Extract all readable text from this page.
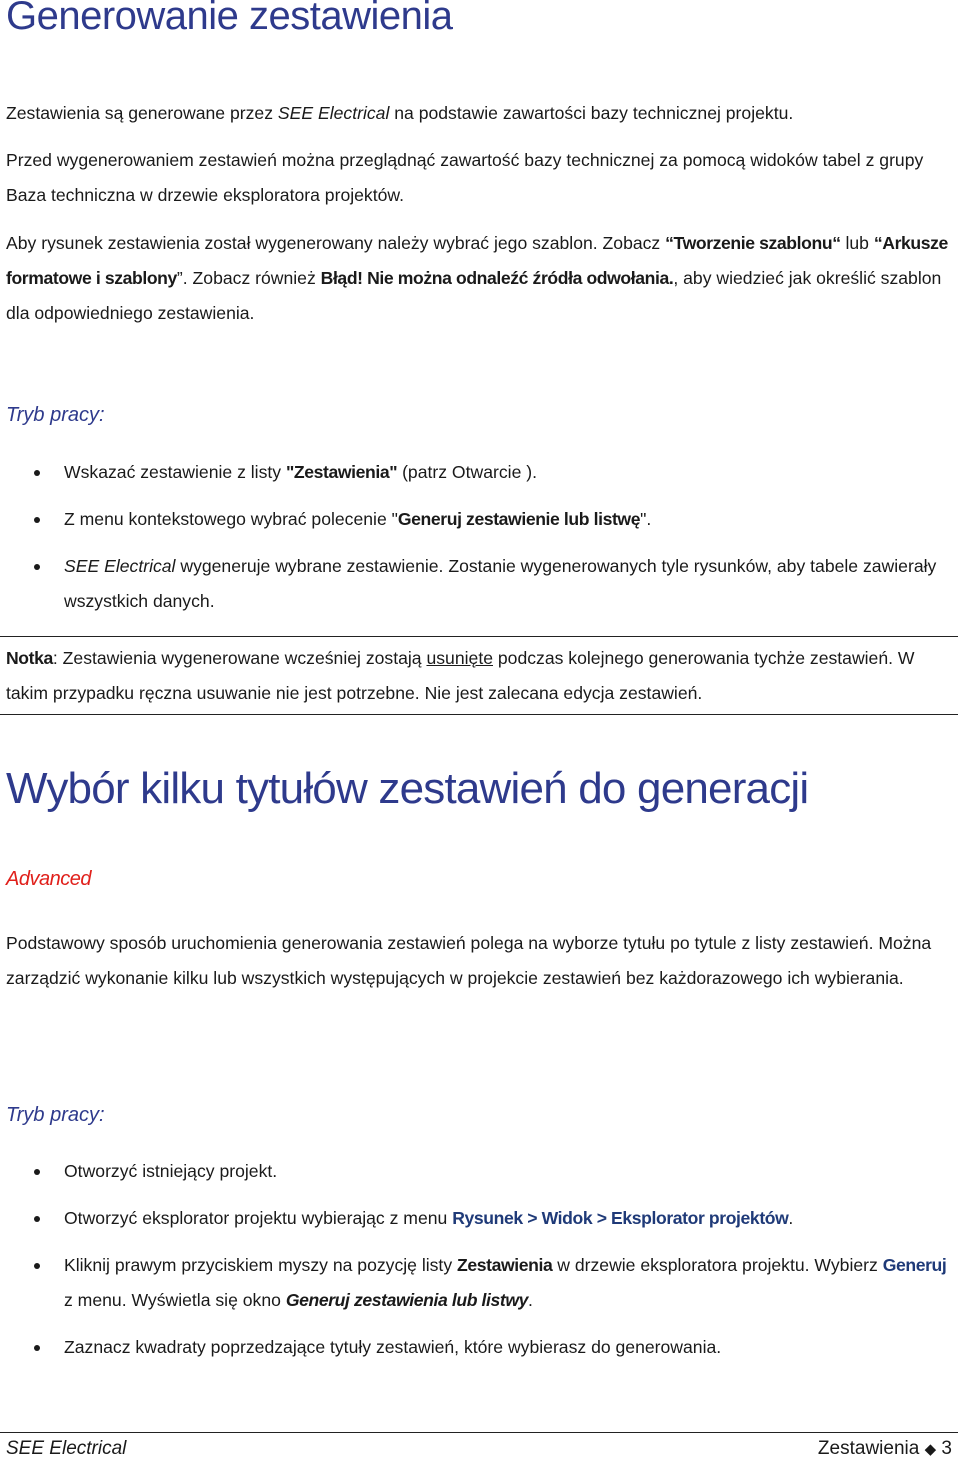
Generowanie zestawienia

Zestawienia są generowane przez SEE Electrical na podstawie zawartości bazy technicznej projektu.

Przed wygenerowaniem zestawień można przeglądnąć zawartość bazy technicznej za pomocą widoków tabel z grupy Baza techniczna w drzewie eksploratora projektów.

Aby rysunek zestawienia został wygenerowany należy wybrać jego szablon. Zobacz “Tworzenie szablonu“ lub “Arkusze formatowe i szablony”. Zobacz również Błąd! Nie można odnaleźć źródła odwołania., aby wiedzieć jak określić szablon dla odpowiedniego zestawienia.

Tryb pracy:

Wskazać zestawienie z listy "Zestawienia" (patrz Otwarcie ).
Z menu kontekstowego wybrać polecenie "Generuj zestawienie lub listwę".
SEE Electrical wygeneruje wybrane zestawienie. Zostanie wygenerowanych tyle rysunków, aby tabele zawierały wszystkich danych.
Notka: Zestawienia wygenerowane wcześniej zostają usunięte podczas kolejnego generowania tychże zestawień. W takim przypadku ręczna usuwanie nie jest potrzebne. Nie jest zalecana edycja zestawień.
Wybór kilku tytułów zestawień do generacji
Advanced

Podstawowy sposób uruchomienia generowania zestawień polega na wyborze tytułu po tytule z listy zestawień. Można zarządzić wykonanie kilku lub wszystkich występujących w projekcie zestawień bez każdorazowego ich wybierania.

Tryb pracy:

Otworzyć istniejący projekt.
Otworzyć eksplorator projektu wybierając z menu Rysunek > Widok > Eksplorator projektów.
Kliknij prawym przyciskiem myszy na pozycję listy Zestawienia w drzewie eksploratora projektu. Wybierz Generuj z menu. Wyświetla się okno Generuj zestawienia lub listwy.
Zaznacz kwadraty poprzedzające tytuły zestawień, które wybierasz do generowania.
SEE Electrical	Zestawienia ◆ 3
